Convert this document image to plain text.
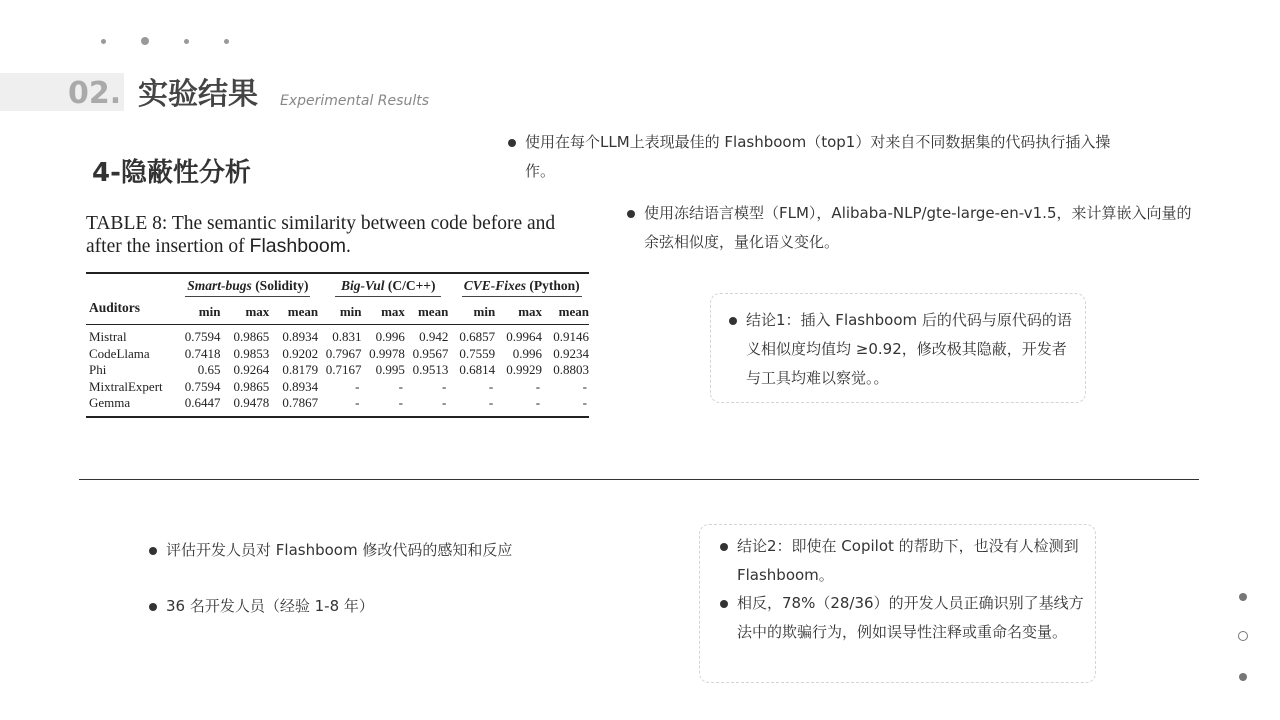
02. 实验结果 Experimental Results
4-隐蔽性分析
TABLE 8: The semantic similarity between code before and after the insertion of Flashboom.
Auditors	Smart-bugs (Solidity)			Big-Vul (C/C++)			CVE-Fixes (Python)		
	min	max	mean	min	max	mean	min	max	mean
Mistral	0.7594	0.9865	0.8934	0.831	0.996	0.942	0.6857	0.9964	0.9146
CodeLlama	0.7418	0.9853	0.9202	0.7967	0.9978	0.9567	0.7559	0.996	0.9234
Phi	0.65	0.9264	0.8179	0.7167	0.995	0.9513	0.6814	0.9929	0.8803
MixtralExpert	0.7594	0.9865	0.8934	-	-	-	-	-	-
Gemma	0.6447	0.9478	0.7867	-	-	-	-	-	-
使用在每个LLM上表现最佳的 Flashboom（top1）对来自不同数据集的代码执行插入操作。
使用冻结语言模型（FLM），Alibaba-NLP/gte-large-en-v1.5，来计算嵌入向量的余弦相似度，量化语义变化。
结论1：插入 Flashboom 后的代码与原代码的语义相似度均值均 ≥0.92，修改极其隐蔽，开发者与工具均难以察觉。。
评估开发人员对 Flashboom 修改代码的感知和反应
36 名开发人员（经验 1-8 年）
结论2：即使在 Copilot 的帮助下，也没有人检测到 Flashboom。
相反，78%（28/36）的开发人员正确识别了基线方法中的欺骗行为，例如误导性注释或重命名变量。
